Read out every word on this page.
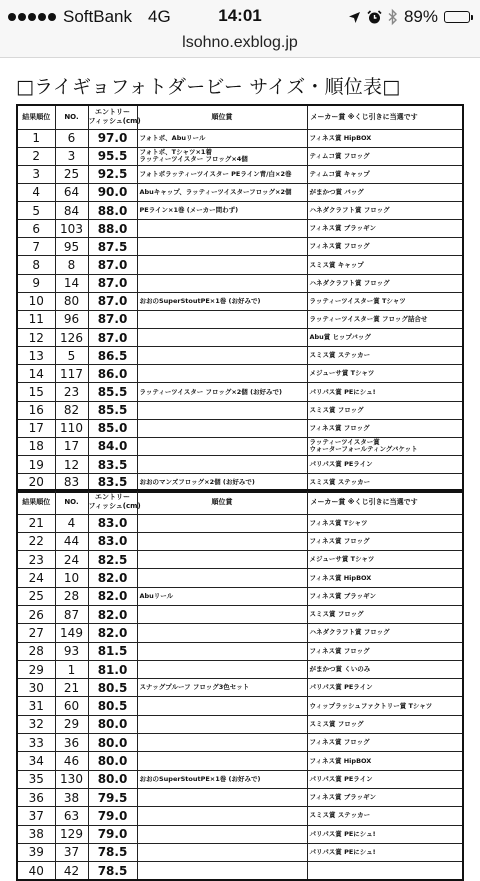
SoftBank 4G	14:01	89%
lsohno.exblog.jp
□ライギョフォトダービー サイズ・順位表□
結果順位	NO.	エントリー
フィッシュ(cm)	順位賞	メーカー賞 ※くじ引きに当選です
1	6	97.0	フォトボ、Abuリール	フィネス賞 HipBOX
2	3	95.5	フォトボ、Tシャツ×1着
ラッティーツイスター フロッグ×4個	ティムコ賞 フロッグ
3	25	92.5	フォトボラッティーツイスター PEライン青/白×2巻	ティムコ賞 キャップ
4	64	90.0	Abuキャップ、ラッティーツイスターフロッグ×2個	がまかつ賞 バッグ
5	84	88.0	PEライン×1巻 (メーカー問わず)	ハネダクラフト賞 フロッグ
6	103	88.0		フィネス賞 ブラッギン
7	95	87.5		フィネス賞 フロッグ
8	8	87.0		スミス賞 キャップ
9	14	87.0		ハネダクラフト賞 フロッグ
10	80	87.0	おおのSuperStoutPE×1巻 (お好みで)	ラッティーツイスター賞 Tシャツ
11	96	87.0		ラッティーツイスター賞 フロッグ詰合せ
12	126	87.0		Abu賞 ヒップバッグ
13	5	86.5		スミス賞 ステッカー
14	117	86.0		メジューサ賞 Tシャツ
15	23	85.5	ラッティーツイスター フロッグ×2個 (お好みで)	パリパス賞 PEにシュ!
16	82	85.5		スミス賞 フロッグ
17	110	85.0		フィネス賞 フロッグ
18	17	84.0		ラッティーツイスター賞
ウォーターフォールティングバケット
19	12	83.5		パリパス賞 PEライン
20	83	83.5	おおのマンズフロッグ×2個 (お好みで)	スミス賞 ステッカー
結果順位	NO.	エントリー
フィッシュ(cm)	順位賞	メーカー賞 ※くじ引きに当選です
21	4	83.0		フィネス賞 Tシャツ
22	44	83.0		フィネス賞 フロッグ
23	24	82.5		メジューサ賞 Tシャツ
24	10	82.0		フィネス賞 HipBOX
25	28	82.0	Abuリール	フィネス賞 ブラッギン
26	87	82.0		スミス賞 フロッグ
27	149	82.0		ハネダクラフト賞 フロッグ
28	93	81.5		フィネス賞 フロッグ
29	1	81.0		がまかつ賞 くいのみ
30	21	80.5	スナッグプルーフ フロッグ3色セット	パリパス賞 PEライン
31	60	80.5		ウィップラッシュファクトリー賞 Tシャツ
32	29	80.0		スミス賞 フロッグ
33	36	80.0		フィネス賞 フロッグ
34	46	80.0		フィネス賞 HipBOX
35	130	80.0	おおのSuperStoutPE×1巻 (お好みで)	パリパス賞 PEライン
36	38	79.5		フィネス賞 ブラッギン
37	63	79.0		スミス賞 ステッカー
38	129	79.0		パリパス賞 PEにシュ!
39	37	78.5		パリパス賞 PEにシュ!
40	42	78.5		
